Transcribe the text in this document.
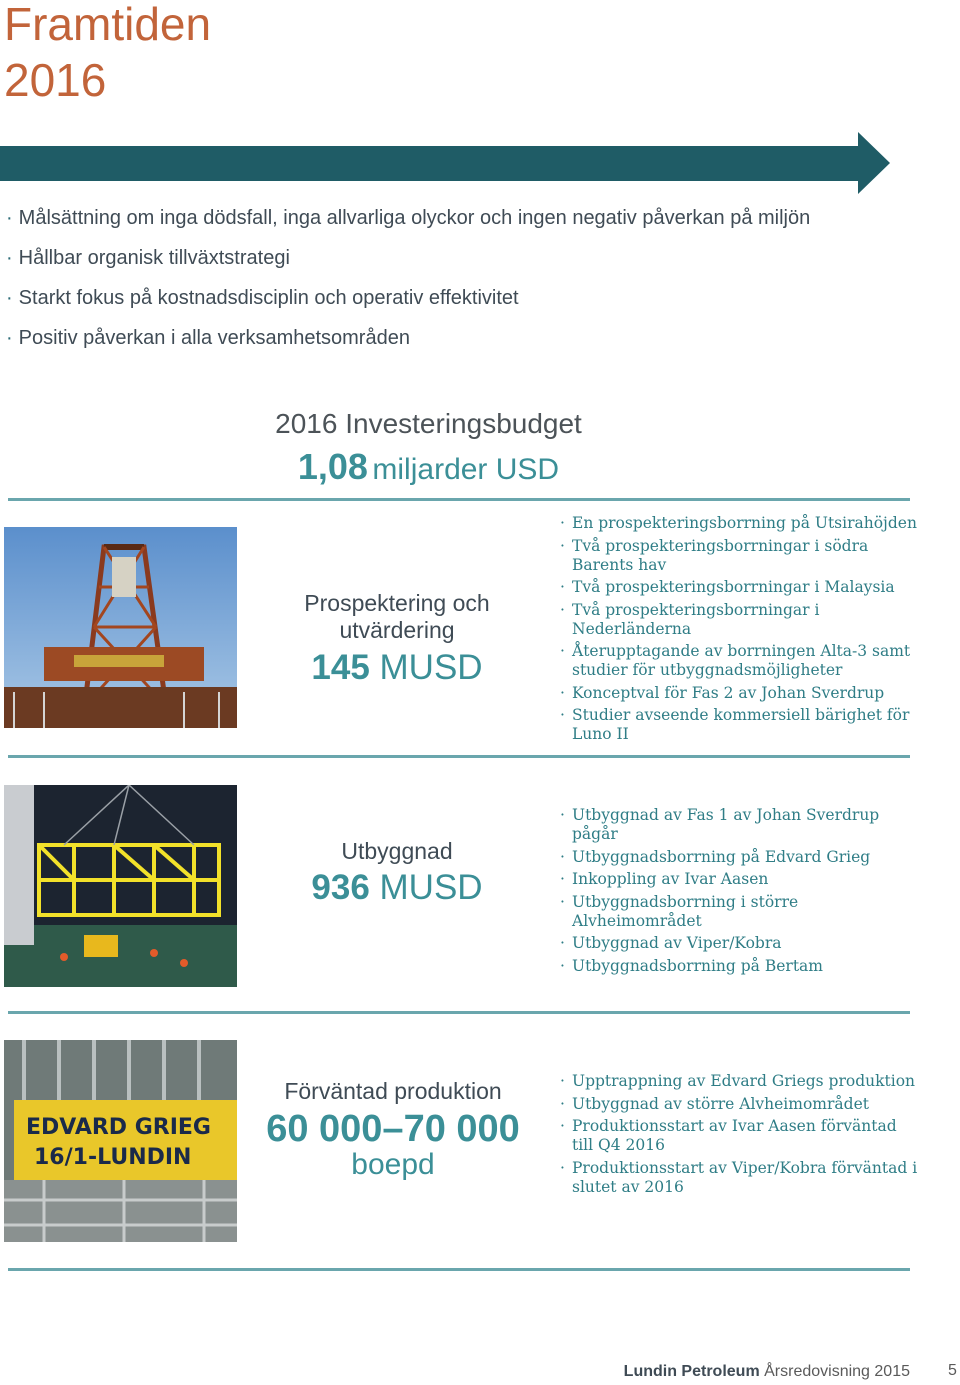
Framtiden
2016
· Målsättning om inga dödsfall, inga allvarliga olyckor och ingen negativ påverkan på miljön
· Hållbar organisk tillväxtstrategi
· Starkt fokus på kostnadsdisciplin och operativ effektivitet
· Positiv påverkan i alla verksamhetsområden
2016 Investeringsbudget
1,08 miljarder USD
Prospektering och
utvärdering
145 MUSD
· En prospekteringsborrning på Utsirahöjden
· Två prospekteringsborrningar i södra Barents hav
· Två prospekteringsborrningar i Malaysia
· Två prospekteringsborrningar i Nederländerna
· Återupptagande av borrningen Alta-3 samt studier för utbyggnadsmöjligheter
· Konceptval för Fas 2 av Johan Sverdrup
· Studier avseende kommersiell bärighet för Luno II
Utbyggnad
936 MUSD
· Utbyggnad av Fas 1 av Johan Sverdrup pågår
· Utbyggnadsborrning på Edvard Grieg
· Inkoppling av Ivar Aasen
· Utbyggnadsborrning i större Alvheimområdet
· Utbyggnad av Viper/Kobra
· Utbyggnadsborrning på Bertam
EDVARD GRIEG
16/1-LUNDIN
Förväntad produktion
60 000–70 000
boepd
· Upptrappning av Edvard Griegs produktion
· Utbyggnad av större Alvheimområdet
· Produktionsstart av Ivar Aasen förväntad till Q4 2016
· Produktionsstart av Viper/Kobra förväntad i slutet av 2016
Lundin Petroleum Årsredovisning 2015 5
